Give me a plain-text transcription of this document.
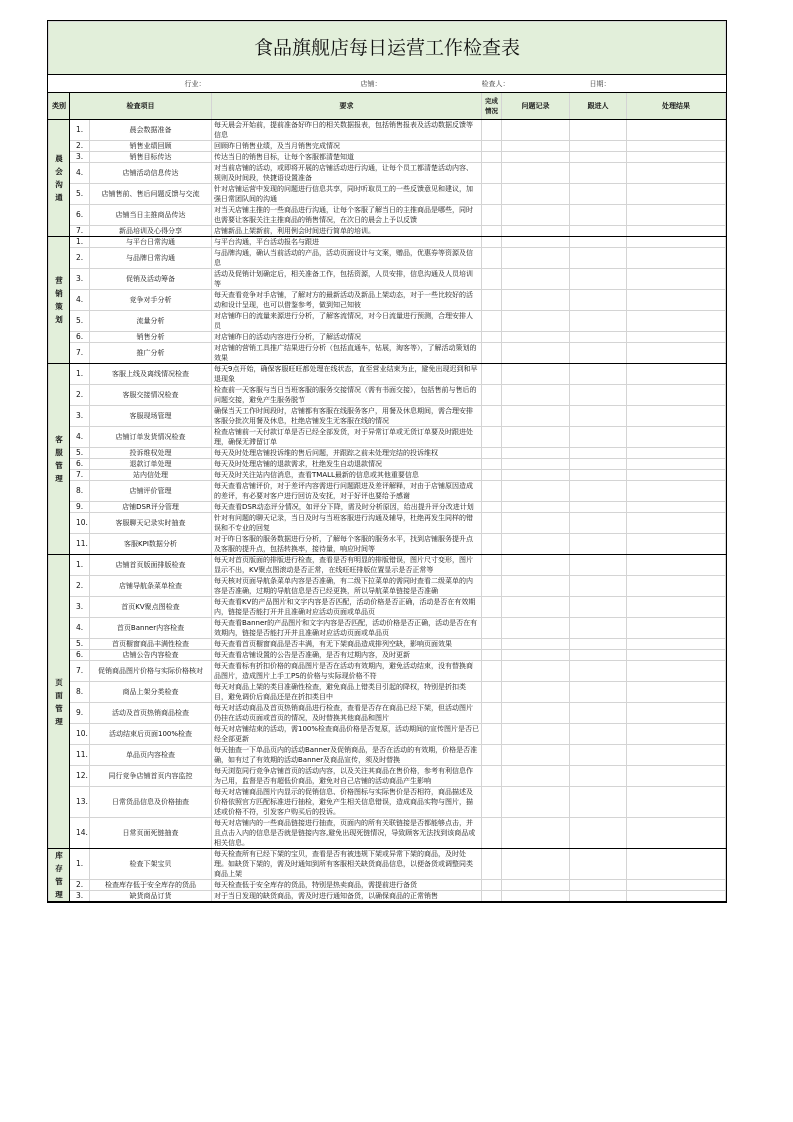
食品旗舰店每日运营工作检查表							
行业：			店铺：	检查人：		日期：	
类别	检查项目		要求	完成情况	问题记录	跟进人	处理结果

晨会沟通	1.	晨会数据准备	每天晨会开始前，提前准备好昨日的相关数据报表，包括销售报表及活动数据反馈等信息				
	2.	销售业绩回顾	回顾昨日销售业绩，及当月销售完成情况				
	3.	销售目标传达	传达当日的销售目标，让每个客服都清楚知道				
	4.	店铺活动信息传达	对当前店铺的活动，或即将开展的店铺活动进行沟通，让每个员工都清楚活动内容、规则及时间段，快捷语设置准备				
	5.	店铺售前、售后问题反馈与交流	针对店铺运营中发现的问题进行信息共享，同时听取员工的一些反馈意见和建议，加强日常团队间的沟通				
	6.	店铺当日主推商品传达	对当天店铺主推的一些商品进行沟通，让每个客服了解当日的主推商品是哪些，同时也需要让客服关注主推商品的销售情况，在次日的晨会上予以反馈				
	7.	新品培训及心得分享	店铺新品上架新前，利用例会时间进行简单的培训。				

营销策划	1.	与平台日常沟通	与平台沟通，平台活动报名与跟进				
	2.	与品牌日常沟通	与品牌沟通，确认当前活动的产品，活动页面设计与文案，赠品，优惠券等资源及信息				
	3.	促销及活动筹备	活动及促销计划确定后，相关准备工作，包括资源，人员安排，信息沟通及人员培训等				
	4.	竞争对手分析	每天查看竞争对手店铺，了解对方的最新活动及新品上架动态，对于一些比较好的活动和设计呈现，也可以借鉴参考，做到知己知彼				
	5.	流量分析	对店铺昨日的流量来源进行分析，了解客流情况，对今日流量进行预测，合理安排人员				
	6.	销售分析	对店铺昨日的活动内容进行分析，了解活动情况				
	7.	推广分析	对店铺的营销工具推广结果进行分析（包括直通车，钻展，淘客等），了解活动策划的效果				

客服管理	1.	客服上线及离线情况检查	每天9点开始，确保客服旺旺都处理在线状态，直至营业结束为止，避免出现迟到和早退现象				
	2.	客服交接情况检查	检查前一天客服与当日当班客服的服务交接情况（需有书面交接），包括售前与售后的问题交接，避免产生服务脱节				
	3.	客服现场管理	确保当天工作时间段时，店铺都有客服在线服务客户，用餐及休息期间，需合理安排客服分批次用餐及休息，杜绝店铺发生无客服在线的情况				
	4.	店铺订单发货情况检查	检查店铺前一天付款订单是否已经全部发货，对于异常订单或无货订单要及时跟进处理，确保无滞留订单				
	5.	投诉维权处理	每天及时处理店铺投诉维的售后问题，并跟踪之前未处理完结的投诉维权				
	6.	退款订单处理	每天及时处理店铺的退款需求，杜绝发生自动退款情况				
	7.	站内信处理	每天及时关注站内信消息，查看TMALL最新的信息或其他重要信息				
	8.	店铺评价管理	每天查看店铺评价，对于差评内容需进行问题跟进及差评解释，对由于店铺原因造成的差评，有必要对客户进行回访及安抚，对于好评也要给予感谢				
	9.	店铺DSR评分管理	每天查看DSR动态评分情况，如评分下降，需及时分析原因，给出提升评分改进计划				
	10.	客服聊天记录实时抽查	针对有问题的聊天记录，当日及时与当班客服进行沟通及辅导，杜绝再发生同样的错误和不专业的回复				
	11.	客服KPI数据分析	对于昨日客服的服务数据进行分析，了解每个客服的服务水平，找到店铺服务提升点及客服的提升点，包括转换率，接待量，响应时间等				

页面管理	1.	店铺首页版面排版检查	每天对首页版面的排版进行检查，查看是否有明显的排版错误，图片尺寸变形，图片显示不出，KV聚点图滚动是否正常，在线旺旺排版位置显示是否正常等				
	2.	店铺导航条菜单检查	每天核对页面导航条菜单内容是否准确，有二级下拉菜单的需同时查看二级菜单的内容是否准确，过期的导航信息是否已经更换，所以导航菜单链接是否准确				
	3.	首页KV聚点图检查	每天查看KV的产品图片和文字内容是否匹配，活动价格是否正确，活动是否在有效期内，链接是否能打开并且准确对应活动页面或单品页				
	4.	首页Banner内容检查	每天查看Banner的产品图片和文字内容是否匹配，活动价格是否正确，活动是否在有效期内，链接是否能打开并且准确对应活动页面或单品页				
	5.	首页橱窗商品丰满性检查	每天查看首页橱窗商品是否丰满，有无下架商品造成排列空缺，影响页面效果				
	6.	店铺公告内容检查	每天查看店铺设置的公告是否准确，是否有过期内容，及时更新				
	7.	促销商品图片价格与实际价格核对	每天查看标有折扣价格的商品图片是否在活动有效期内，避免活动结束，没有替换商品图片，造成图片上手工PS的价格与实际现价格不符				
	8.	商品上架分类检查	每天对商品上架的类目准确性检查，避免商品上错类目引起的降权，特别是折扣类目，避免调价后商品还是在折扣类目中				
	9.	活动及首页热销商品检查	每天对活动商品及首页热销商品进行检查，查看是否存在商品已经下架，但活动图片仍挂在活动页面或首页的情况，及时替换其他商品和图片				
	10.	活动结束后页面100%检查	每天对店铺结束的活动，需100%检查商品价格是否复原，活动期间的宣传图片是否已经全部更新				
	11.	单品页内容检查	每天抽查一下单品页内的活动Banner及促销商品，是否在活动的有效期，价格是否准确，如有过了有效期的活动Banner及商品宣传，须及时替换				
	12.	同行竞争店铺首页内容监控	每天浏览同行竞争店铺首页的活动内容，以及关注其商品在售价格，参考有利信息作为己用，监督是否有超低价商品，避免对自己店铺的活动商品产生影响				
	13.	日常货品信息及价格抽查	每天对店铺商品图片内显示的促销信息、价格图标与实际售价是否相符，商品描述及价格依照官方匹配标准进行抽检，避免产生相关信息错误，造成商品实物与图片，描述或价格不符，引发客户购买后的投诉。				
	14.	日常页面死链抽查	每天对店铺内的一些商品链接进行抽查，页面内的所有关联链接是否都能够点击，并且点击入内的信息是否就是链接内容,避免出现死链情况，导致顾客无法找到该商品或相关信息。				

库存管理	1.	检查下架宝贝	每天检查所有已经下架的宝贝，查看是否有被违规下架或异常下架的商品，及时处理。如缺货下架的，需及时通知到所有客服相关缺货商品信息，以便备货或调整同类商品上架				
	2.	检查库存低于安全库存的货品	每天检查低于安全库存的货品，特别是热卖商品，需提前进行备货				
	3.	缺货商品订货	对于当日发现的缺货商品，需及时进行通知备货，以确保商品的正常销售				
